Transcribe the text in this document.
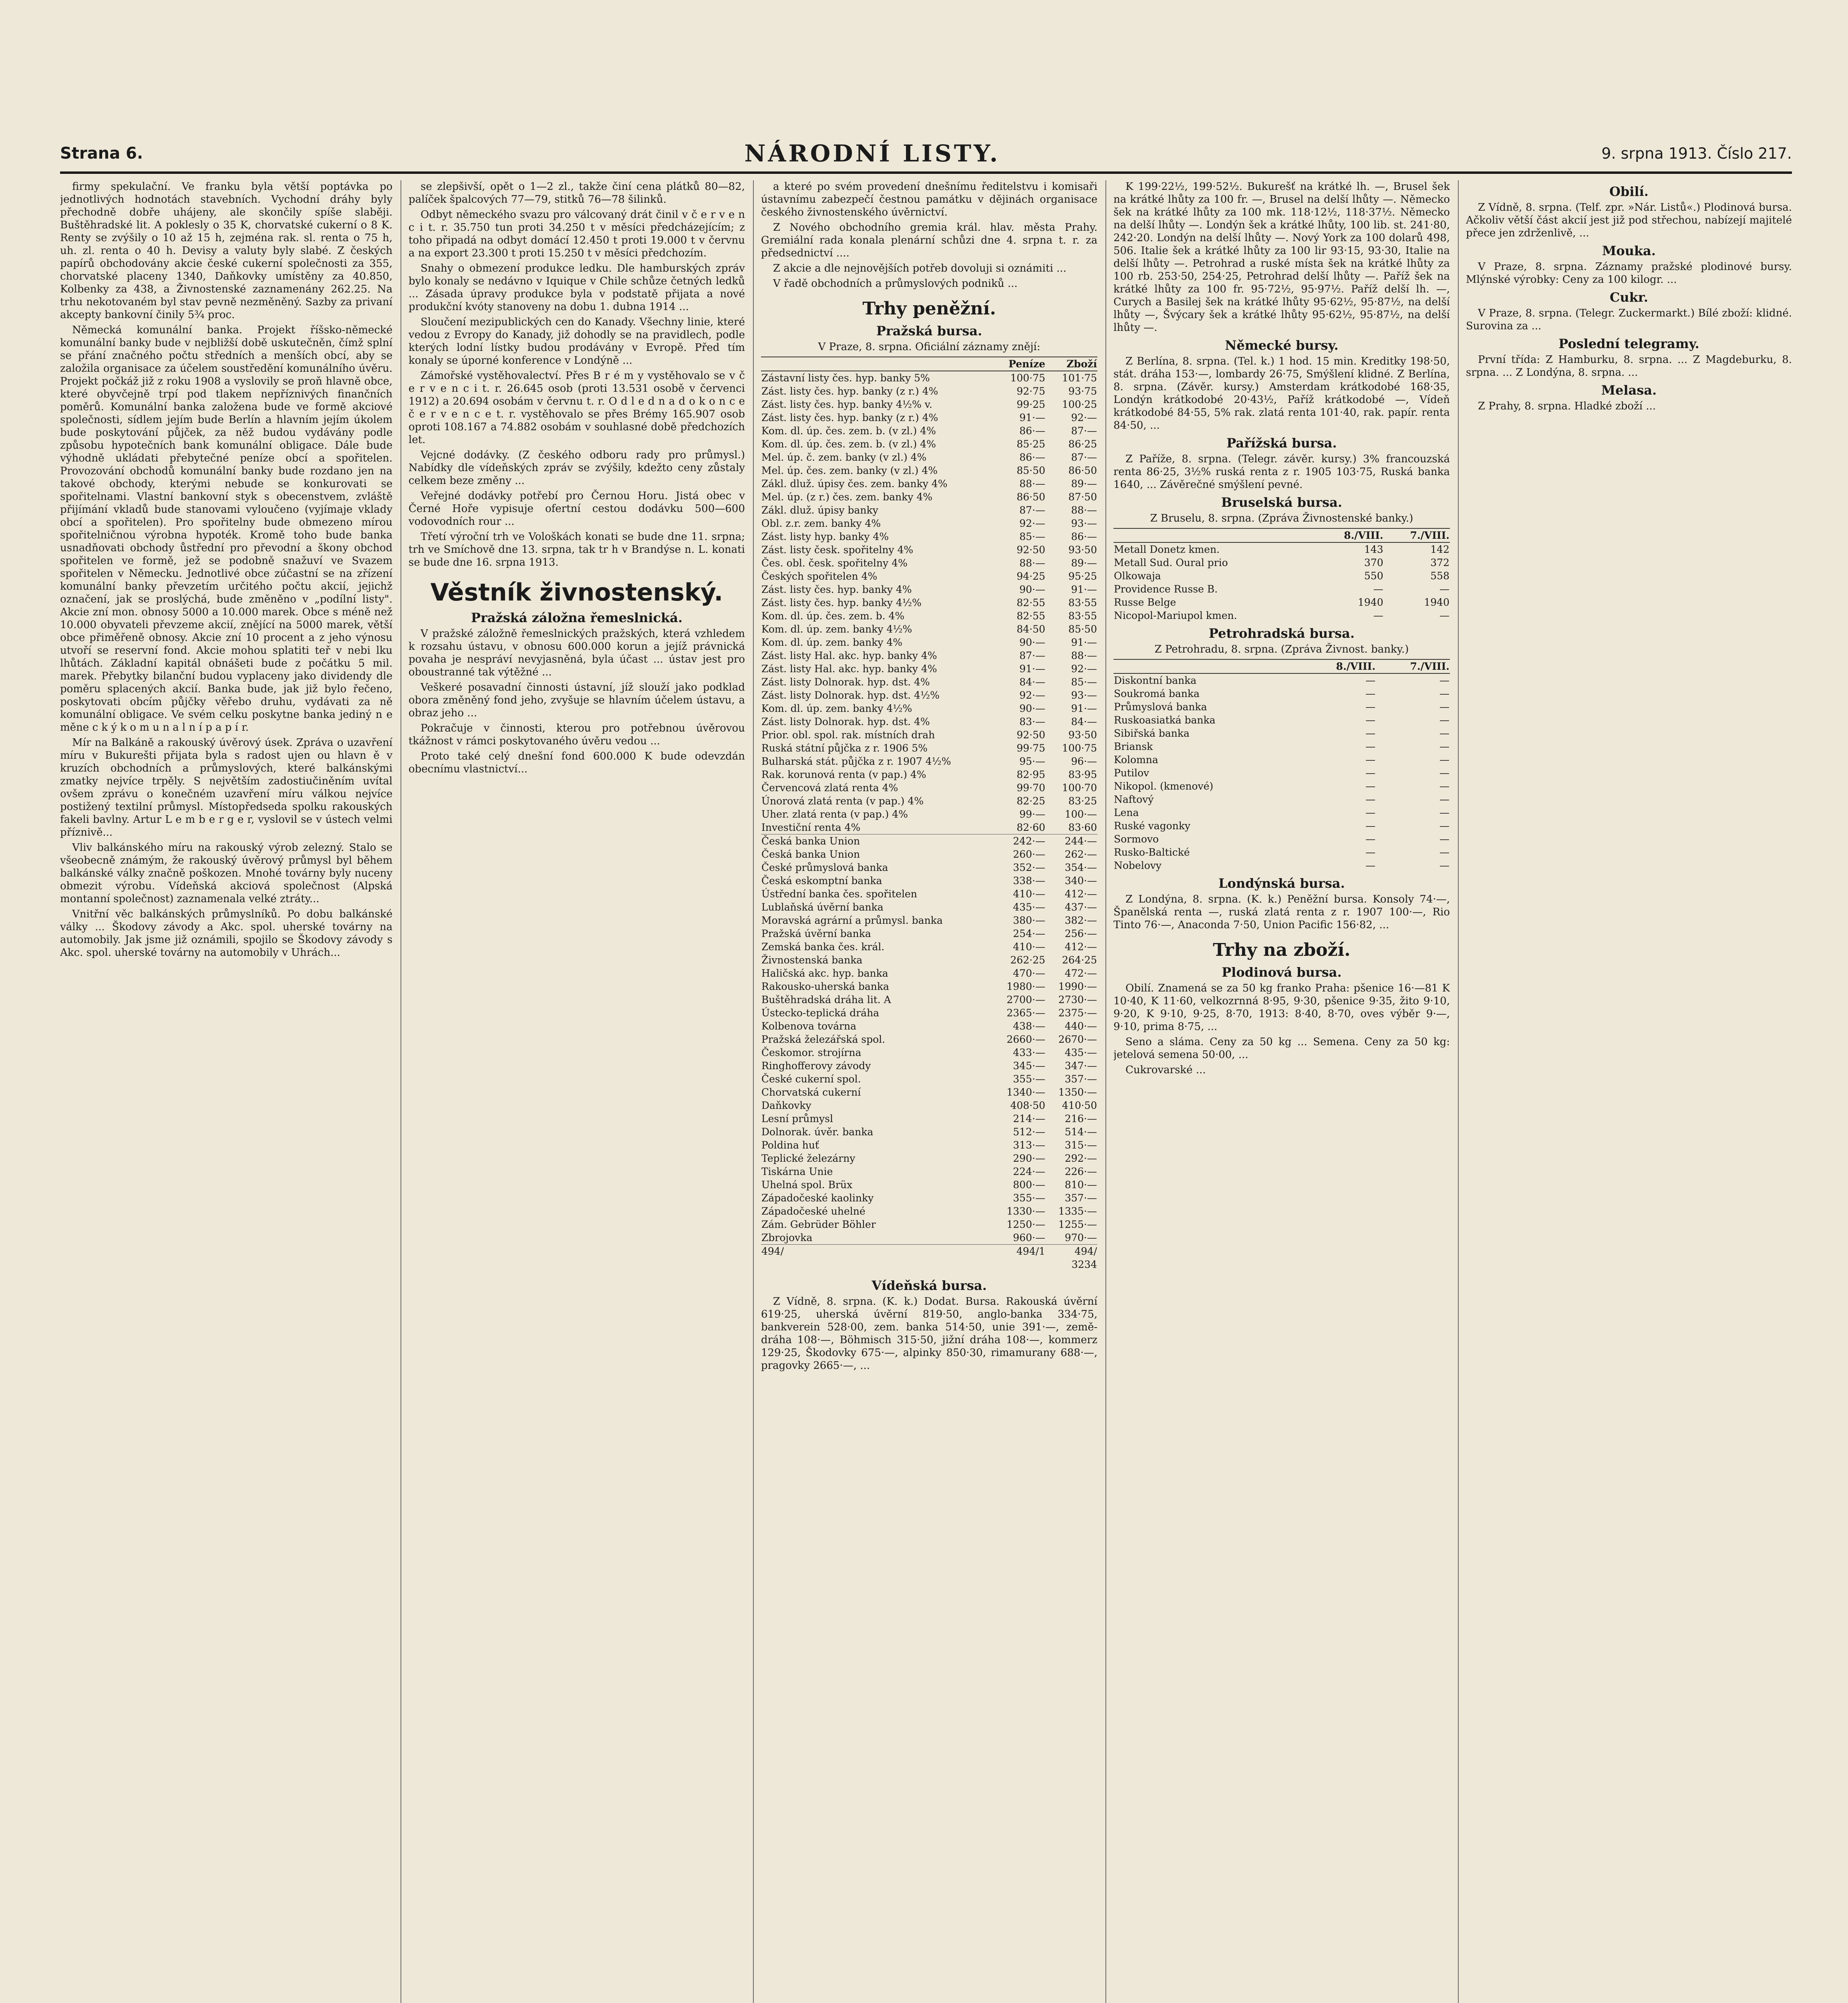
Strana 6.	NÁRODNÍ LISTY.	9. srpna 1913. Číslo 217.

firmy spekulační. Ve franku byla větší poptávka po jednotlivých hodnotách stavebních. Vychodní dráhy byly přechodně dobře uhájeny, ale skončily spíše slaběji. Buštěhradské lit. A poklesly o 35 K, chorvatské cukerní o 8 K. Renty se zvýšily o 10 až 15 h, zejména rak. sl. renta o 75 h, uh. zl. renta o 40 h. Devisy a valuty byly slabé. Z českých papírů obchodovány akcie české cukerní společnosti za 355, chorvatské placeny 1340, Daňkovky umístěny za 40.850, Kolbenky za 438, a Živnostenské zaznamenány 262.25. Na trhu nekotovaném byl stav pevně nezměněný. Sazby za privaní akcepty bankovní činily 5¾ proc.

Německá komunální banka. Projekt říšsko-německé komunální banky bude v nejbližší době uskutečněn, čímž splní se přání značného počtu středních a menších obcí, aby se založila organisace za účelem soustředění komunálního úvěru. Projekt počkáž již z roku 1908 a vyslovily se proň hlavně obce, které obyvčejně trpí pod tlakem nepříznivých finančních poměrů. Komunální banka založena bude ve formě akciové společnosti, sídlem jejím bude Berlín a hlavním jejím úkolem bude poskytování půjček, za něž budou vydávány podle způsobu hypotečních bank komunální obligace. Dále bude výhodně ukládati přebytečné peníze obcí a spořitelen. Provozování obchodů komunální banky bude rozdano jen na takové obchody, kterými nebude se konkurovati se spořitelnami. Vlastní bankovní styk s obecenstvem, zvláště přijímání vkladů bude stanovami vyloučeno (vyjímaje vklady obcí a spořitelen). Pro spořitelny bude obmezeno mírou spořitelničnou výrobna hypoték. Kromě toho bude banka usnadňovati obchody ůstřední pro převodní a škony obchod spořitelen ve formě, jež se podobně snažuví ve Svazem spořitelen v Německu. Jednotlivé obce zúčastní se na zřízení komunální banky převzetím určitého počtu akcií, jejichž označení, jak se proslýchá, bude změněno v „podílní listy". Akcie zní mon. obnosy 5000 a 10.000 marek. Obce s méně než 10.000 obyvateli převzeme akcií, znějící na 5000 marek, větší obce přiměřeně obnosy. Akcie zní 10 procent a z jeho výnosu utvoří se reservní fond. Akcie mohou splatiti teř v nebi lku lhůtách. Základní kapitál obnášeti bude z počátku 5 mil. marek. Přebytky bilanční budou vyplaceny jako dividendy dle poměru splacených akcií. Banka bude, jak již bylo řečeno, poskytovati obcím půjčky věřebo druhu, vydávati za ně komunální obligace. Ve svém celku poskytne banka jediný n e měne c k ý k o m u n a l n í p a p í r.

Mír na Balkáně a rakouský úvěrový úsek. Zpráva o uzavření míru v Bukurešti přijata byla s radost ujen ou hlavn ě v kruzích obchodních a průmyslových, které balkánskými zmatky nejvíce trpěly. S největším zadostiučiněním uvítal ovšem zprávu o konečném uzavření míru válkou nejvíce postižený textilní průmysl. Místopředseda spolku rakouských fakeli bavlny. Artur L e m b e r g e r, vyslovil se v ústech velmi příznivě...

Vliv balkánského míru na rakouský výrob zelezný. Stalo se všeobecně známým, že rakouský úvěrový průmysl byl během balkánské války značně poškozen. Mnohé továrny byly nuceny obmezit výrobu. Vídeňská akciová společnost (Alpská montanní společnost) zaznamenala velké ztráty...

Vnitřní věc balkánských průmyslníků. Po dobu balkánské války ... Škodovy závody a Akc. spol. uherské továrny na automobily. Jak jsme již oznámili, spojilo se Škodovy závody s Akc. spol. uherské továrny na automobily v Uhrách...

se zlepšivší, opět o 1—2 zl., takže činí cena plátků 80—82, palíček špalcových 77—79, stitků 76—78 šilinků.

Odbyt německého svazu pro válcovaný drát činil v č e r v e n c i t. r. 35.750 tun proti 34.250 t v měsíci předcházejícím; z toho připadá na odbyt domácí 12.450 t proti 19.000 t v červnu a na export 23.300 t proti 15.250 t v měsíci předchozím.

Snahy o obmezení produkce ledku. Dle hamburských zpráv bylo konaly se nedávno v Iquique v Chile schůze četných ledků ... Zásada úpravy produkce byla v podstatě přijata a nové produkční kvóty stanoveny na dobu 1. dubna 1914 ...

Sloučení mezipublických cen do Kanady. Všechny linie, které vedou z Evropy do Kanady, již dohodly se na pravidlech, podle kterých lodní lístky budou prodávány v Evropě. Před tím konaly se úporné konference v Londýně ...

Zámořské vystěhovalectví. Přes B r é m y vystěhovalo se v č e r v e n c i t. r. 26.645 osob (proti 13.531 osobě v červenci 1912) a 20.694 osobám v červnu t. r. O d l e d n a d o k o n c e č e r v e n c e t. r. vystěhovalo se přes Brémy 165.907 osob oproti 108.167 a 74.882 osobám v souhlasné době předchozích let.

Vejcné dodávky. (Z českého odboru rady pro průmysl.) Nabídky dle vídeňských zpráv se zvýšily, kdežto ceny zůstaly celkem beze změny ...

Veřejné dodávky potřebí pro Černou Horu. Jistá obec v Černé Hoře vypisuje ofertní cestou dodávku 500—600 vodovodních rour ...

Třetí výroční trh ve Vološkách konati se bude dne 11. srpna; trh ve Smíchově dne 13. srpna, tak tr h v Brandýse n. L. konati se bude dne 16. srpna 1913.

Věstník živnostenský.
Pražská záložna řemeslnická.

V pražské záložně řemeslnických pražských, která vzhledem k rozsahu ústavu, v obnosu 600.000 korun a jejíž právnická povaha je nespráví nevyjasněná, byla účast ... ústav jest pro oboustranné tak výtěžné ...

Veškeré posavadní činnosti ústavní, jíž slouží jako podklad obora změněný fond jeho, zvyšuje se hlavním účelem ústavu, a obraz jeho ...

Pokračuje v činnosti, kterou pro potřebnou úvěrovou tkážnost v rámci poskytovaného úvěru vedou ...

Proto také celý dnešní fond 600.000 K bude odevzdán obecnímu vlastnictví...

a které po svém provedení dnešnímu ředitelstvu i komisaři ústavnímu zabezpečí čestnou památku v dějinách organisace českého živnostenského úvěrnictví.

Z Nového obchodního gremia král. hlav. města Prahy. Gremiální rada konala plenární schůzi dne 4. srpna t. r. za předsednictví ....

Z akcie a dle nejnovějších potřeb dovoluji si oznámiti ...

V řadě obchodních a průmyslových podniků ...

Trhy peněžní.
Pražská bursa.

V Praze, 8. srpna. Oficiální záznamy znějí:

	Peníze	Zboží
Zástavní listy čes. hyp. banky 5%	100·75	101·75
Zást. listy čes. hyp. banky (z r.) 4%	92·75	93·75
Zást. listy čes. hyp. banky 4½% v.	99·25	100·25
Zást. listy čes. hyp. banky (z r.) 4%	91·—	92·—
Kom. dl. úp. čes. zem. b. (v zl.) 4%	86·—	87·—
Kom. dl. úp. čes. zem. b. (v zl.) 4%	85·25	86·25
Mel. úp. č. zem. banky (v zl.) 4%	86·—	87·—
Mel. úp. čes. zem. banky (v zl.) 4%	85·50	86·50
Zákl. dluž. úpisy čes. zem. banky 4%	88·—	89·—
Mel. úp. (z r.) čes. zem. banky 4%	86·50	87·50
Zákl. dluž. úpisy banky	87·—	88·—
Obl. z.r. zem. banky 4%	92·—	93·—
Zást. listy hyp. banky 4%	85·—	86·—
Zást. listy česk. spořitelny 4%	92·50	93·50
Čes. obl. česk. spořitelny 4%	88·—	89·—
Českých spořitelen 4%	94·25	95·25
Zást. listy čes. hyp. banky 4%	90·—	91·—
Zást. listy čes. hyp. banky 4½%	82·55	83·55
Kom. dl. úp. čes. zem. b. 4%	82·55	83·55
Kom. dl. úp. zem. banky 4½%	84·50	85·50
Kom. dl. úp. zem. banky 4%	90·—	91·—
Zást. listy Hal. akc. hyp. banky 4%	87·—	88·—
Zást. listy Hal. akc. hyp. banky 4%	91·—	92·—
Zást. listy Dolnorak. hyp. dst. 4%	84·—	85·—
Zást. listy Dolnorak. hyp. dst. 4½%	92·—	93·—
Kom. dl. úp. zem. banky 4½%	90·—	91·—
Zást. listy Dolnorak. hyp. dst. 4%	83·—	84·—
Prior. obl. spol. rak. místních drah	92·50	93·50
Ruská státní půjčka z r. 1906 5%	99·75	100·75
Bulharská stát. půjčka z r. 1907 4½%	95·—	96·—
Rak. korunová renta (v pap.) 4%	82·95	83·95
Červencová zlatá renta 4%	99·70	100·70
Únorová zlatá renta (v pap.) 4%	82·25	83·25
Uher. zlatá renta (v pap.) 4%	99·—	100·—
Investiční renta 4%	82·60	83·60
Česká banka Union	242·—	244·—
Česká banka Union	260·—	262·—
České průmyslová banka	352·—	354·—
Česká eskomptní banka	338·—	340·—
Ústřední banka čes. spořitelen	410·—	412·—
Lublaňská úvěrní banka	435·—	437·—
Moravská agrární a průmysl. banka	380·—	382·—
Pražská úvěrní banka	254·—	256·—
Zemská banka čes. král.	410·—	412·—
Živnostenská banka	262·25	264·25
Haličská akc. hyp. banka	470·—	472·—
Rakousko-uherská banka	1980·—	1990·—
Buštěhradská dráha lit. A	2700·—	2730·—
Ústecko-teplická dráha	2365·—	2375·—
Kolbenova továrna	438·—	440·—
Pražská železářská spol.	2660·—	2670·—
Českomor. strojírna	433·—	435·—
Ringhofferovy závody	345·—	347·—
České cukerní spol.	355·—	357·—
Chorvatská cukerní	1340·—	1350·—
Daňkovky	408·50	410·50
Lesní průmysl	214·—	216·—
Dolnorak. úvěr. banka	512·—	514·—
Poldina huť	313·—	315·—
Teplické železárny	290·—	292·—
Tiskárna Unie	224·—	226·—
Uhelná spol. Brüx	800·—	810·—
Západočeské kaolinky	355·—	357·—
Západočeské uhelné	1330·—	1335·—
Zám. Gebrüder Böhler	1250·—	1255·—
Zbrojovka	960·—	970·—
494/	494/1	494/
3234		
Vídeňská bursa.

Z Vídně, 8. srpna. (K. k.) Dodat. Bursa. Rakouská úvěrní 619·25, uherská úvěrní 819·50, anglo-banka 334·75, bankverein 528·00, zem. banka 514·50, unie 391·—, země-dráha 108·—, Böhmisch 315·50, jižní dráha 108·—, kommerz 129·25, Škodovky 675·—, alpinky 850·30, rimamurany 688·—, pragovky 2665·—, ...

K 199·22½, 199·52½. Bukurešť na krátké lh. —, Brusel šek na krátké lhůty za 100 fr. —, Brusel na delší lhůty —. Německo šek na krátké lhůty za 100 mk. 118·12½, 118·37½. Německo na delší lhůty —. Londýn šek a krátké lhůty, 100 lib. st. 241·80, 242·20. Londýn na delší lhůty —. Nový York za 100 dolarů 498, 506. Italie šek a krátké lhůty za 100 lir 93·15, 93·30, Italie na delší lhůty —. Petrohrad a ruské místa šek na krátké lhůty za 100 rb. 253·50, 254·25, Petrohrad delší lhůty —. Paříž šek na krátké lhůty za 100 fr. 95·72½, 95·97½. Paříž delší lh. —, Curych a Basilej šek na krátké lhůty 95·62½, 95·87½, na delší lhůty —, Švýcary šek a krátké lhůty 95·62½, 95·87½, na delší lhůty —.

Německé bursy.

Z Berlína, 8. srpna. (Tel. k.) 1 hod. 15 min. Kreditky 198·50, stát. dráha 153·—, lombardy 26·75, Smýšlení klidné. Z Berlína, 8. srpna. (Závěr. kursy.) Amsterdam krátkodobé 168·35, Londýn krátkodobé 20·43½, Paříž krátkodobé —, Vídeň krátkodobé 84·55, 5% rak. zlatá renta 101·40, rak. papír. renta 84·50, ...

Pařížská bursa.

Z Paříže, 8. srpna. (Telegr. závěr. kursy.) 3% francouzská renta 86·25, 3½% ruská renta z r. 1905 103·75, Ruská banka 1640, ... Závěrečné smýšlení pevné.

Bruselská bursa.

Z Bruselu, 8. srpna. (Zpráva Živnostenské banky.)

	8./VIII.	7./VIII.
Metall Donetz kmen.	143	142
Metall Sud. Oural prio	370	372
Olkowaja	550	558
Providence Russe B.	—	—
Russe Belge	1940	1940
Nicopol-Mariupol kmen.	—	—
Petrohradská bursa.

Z Petrohradu, 8. srpna. (Zpráva Živnost. banky.)

	8./VIII.	7./VIII.
Diskontní banka	—	—
Soukromá banka	—	—
Průmyslová banka	—	—
Ruskoasiatká banka	—	—
Sibiřská banka	—	—
Briansk	—	—
Kolomna	—	—
Putilov	—	—
Nikopol. (kmenové)	—	—
Naftový	—	—
Lena	—	—
Ruské vagonky	—	—
Sormovo	—	—
Rusko-Baltické	—	—
Nobelovy	—	—
Londýnská bursa.

Z Londýna, 8. srpna. (K. k.) Peněžní bursa. Konsoly 74·—, Španělská renta —, ruská zlatá renta z r. 1907 100·—, Rio Tinto 76·—, Anaconda 7·50, Union Pacific 156·82, ...

Trhy na zboží.
Plodinová bursa.

Obilí. Znamená se za 50 kg franko Praha: pšenice 16·—81 K 10·40, K 11·60, velkozrnná 8·95, 9·30, pšenice 9·35, žito 9·10, 9·20, K 9·10, 9·25, 8·70, 1913: 8·40, 8·70, oves výběr 9·—, 9·10, prima 8·75, ...

Seno a sláma. Ceny za 50 kg ... Semena. Ceny za 50 kg: jetelová semena 50·00, ...

Cukrovarské ...

Obilí.

Z Vídně, 8. srpna. (Telf. zpr. »Nár. Listů«.) Plodinová bursa. Ačkoliv větší část akcií jest již pod střechou, nabízejí majitelé přece jen zdrženlivě, ...

Mouka.

V Praze, 8. srpna. Záznamy pražské plodinové bursy. Mlýnské výrobky: Ceny za 100 kilogr. ...

Cukr.

V Praze, 8. srpna. (Telegr. Zuckermarkt.) Bílé zboží: klidné. Surovina za ...

Poslední telegramy.

První třída: Z Hamburku, 8. srpna. ... Z Magdeburku, 8. srpna. ... Z Londýna, 8. srpna. ...

Melasa.

Z Prahy, 8. srpna. Hladké zboží ...
